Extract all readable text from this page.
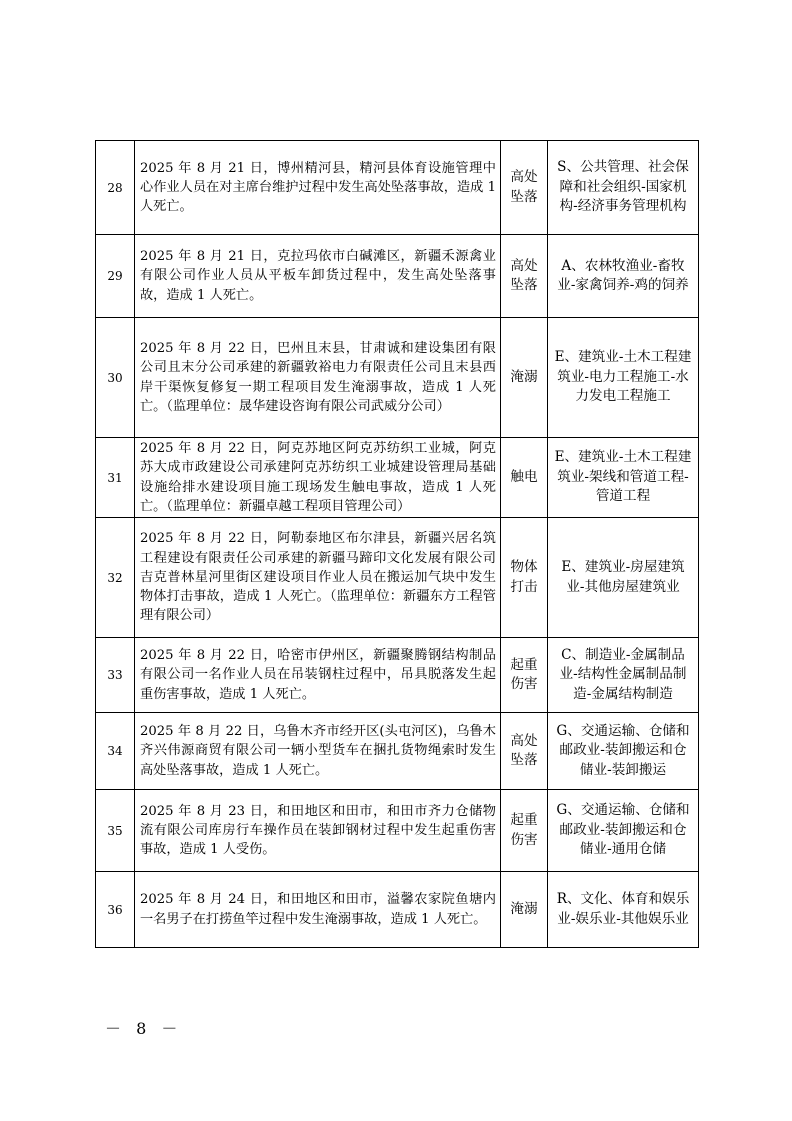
28	2025 年 8 月 21 日，博州精河县，精河县体育设施管理中心作业人员在对主席台维护过程中发生高处坠落事故，造成 1 人死亡。	高处坠落	S、公共管理、社会保障和社会组织-国家机构-经济事务管理机构
29	2025 年 8 月 21 日，克拉玛依市白碱滩区，新疆禾源禽业有限公司作业人员从平板车卸货过程中，发生高处坠落事故，造成 1 人死亡。	高处坠落	A、农林牧渔业-畜牧业-家禽饲养-鸡的饲养
30	2025 年 8 月 22 日，巴州且末县，甘肃诚和建设集团有限公司且末分公司承建的新疆敦裕电力有限责任公司且末县西岸干渠恢复修复一期工程项目发生淹溺事故，造成 1 人死亡。（监理单位：晟华建设咨询有限公司武威分公司）	淹溺	E、建筑业-土木工程建筑业-电力工程施工-水力发电工程施工
31	2025 年 8 月 22 日，阿克苏地区阿克苏纺织工业城，阿克苏大成市政建设公司承建阿克苏纺织工业城建设管理局基础设施给排水建设项目施工现场发生触电事故，造成 1 人死亡。（监理单位：新疆卓越工程项目管理公司）	触电	E、建筑业-土木工程建筑业-架线和管道工程-管道工程
32	2025 年 8 月 22 日，阿勒泰地区布尔津县，新疆兴居名筑工程建设有限责任公司承建的新疆马蹄印文化发展有限公司吉克普林星河里街区建设项目作业人员在搬运加气块中发生物体打击事故，造成 1 人死亡。（监理单位：新疆东方工程管理有限公司）	物体打击	E、建筑业-房屋建筑业-其他房屋建筑业
33	2025 年 8 月 22 日，哈密市伊州区，新疆聚腾钢结构制品有限公司一名作业人员在吊装钢柱过程中，吊具脱落发生起重伤害事故，造成 1 人死亡。	起重伤害	C、制造业-金属制品业-结构性金属制品制造-金属结构制造
34	2025 年 8 月 22 日，乌鲁木齐市经开区(头屯河区)，乌鲁木齐兴伟源商贸有限公司一辆小型货车在捆扎货物绳索时发生高处坠落事故，造成 1 人死亡。	高处坠落	G、交通运输、仓储和邮政业-装卸搬运和仓储业-装卸搬运
35	2025 年 8 月 23 日，和田地区和田市，和田市齐力仓储物流有限公司库房行车操作员在装卸钢材过程中发生起重伤害事故，造成 1 人受伤。	起重伤害	G、交通运输、仓储和邮政业-装卸搬运和仓储业-通用仓储
36	2025 年 8 月 24 日，和田地区和田市，溢馨农家院鱼塘内一名男子在打捞鱼竿过程中发生淹溺事故，造成 1 人死亡。	淹溺	R、文化、体育和娱乐业-娱乐业-其他娱乐业
－ 8 －
